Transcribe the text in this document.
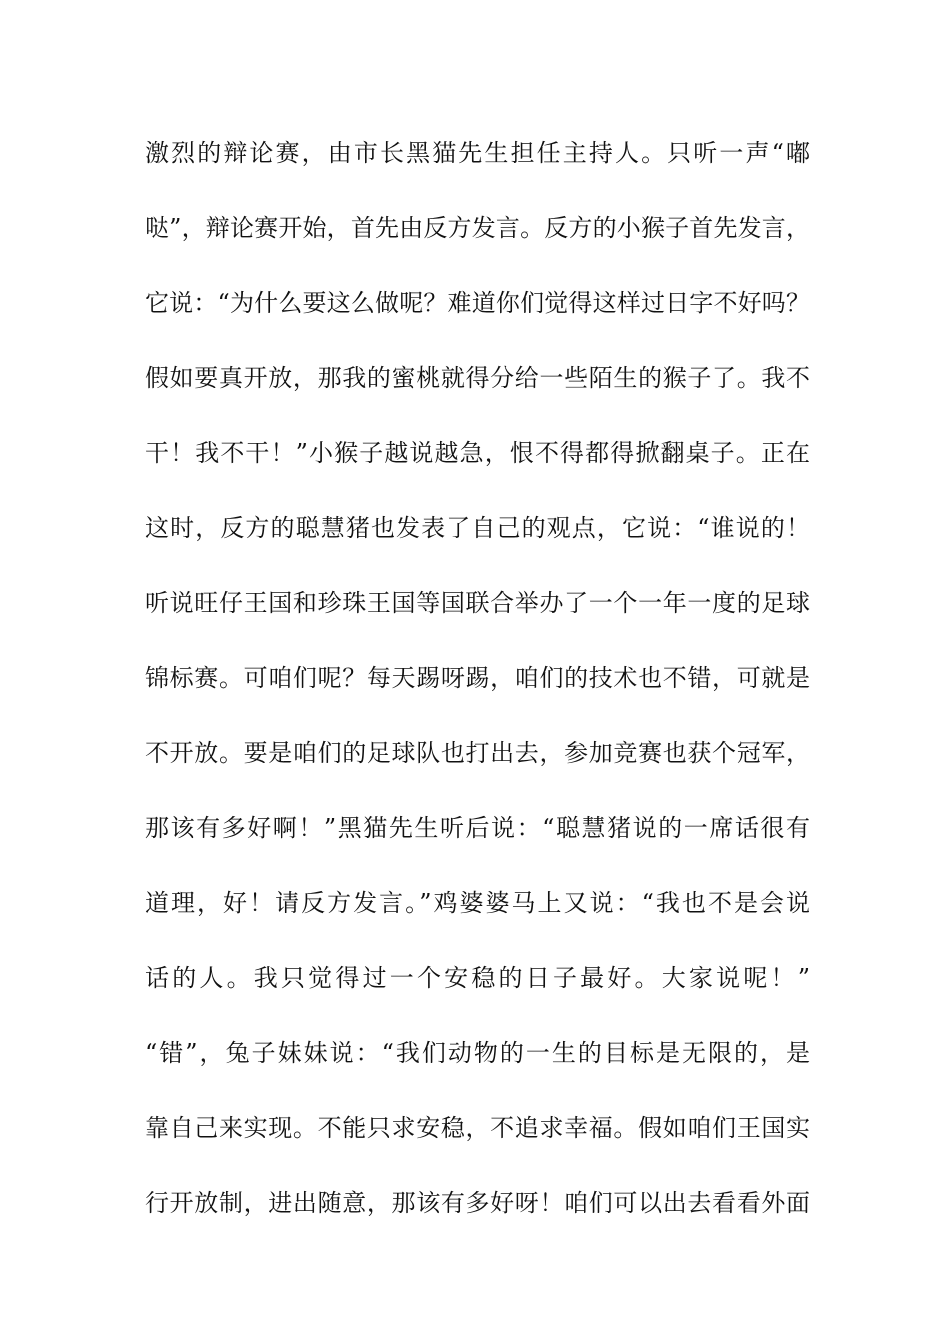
激烈的辩论赛，由市长黑猫先生担任主持人。只听一声“嘟
哒”，辩论赛开始，首先由反方发言。反方的小猴子首先发言，
它说：“为什么要这么做呢？难道你们觉得这样过日字不好吗？
假如要真开放，那我的蜜桃就得分给一些陌生的猴子了。我不
干！我不干！”小猴子越说越急，恨不得都得掀翻桌子。正在
这时，反方的聪慧猪也发表了自己的观点，它说：“谁说的！
听说旺仔王国和珍珠王国等国联合举办了一个一年一度的足球
锦标赛。可咱们呢？每天踢呀踢，咱们的技术也不错，可就是
不开放。要是咱们的足球队也打出去，参加竞赛也获个冠军，
那该有多好啊！”黑猫先生听后说：“聪慧猪说的一席话很有
道理，好！请反方发言。”鸡婆婆马上又说：“我也不是会说
话的人。我只觉得过一个安稳的日子最好。大家说呢！”
“错”，兔子妹妹说：“我们动物的一生的目标是无限的，是
靠自己来实现。不能只求安稳，不追求幸福。假如咱们王国实
行开放制，进出随意，那该有多好呀！咱们可以出去看看外面
